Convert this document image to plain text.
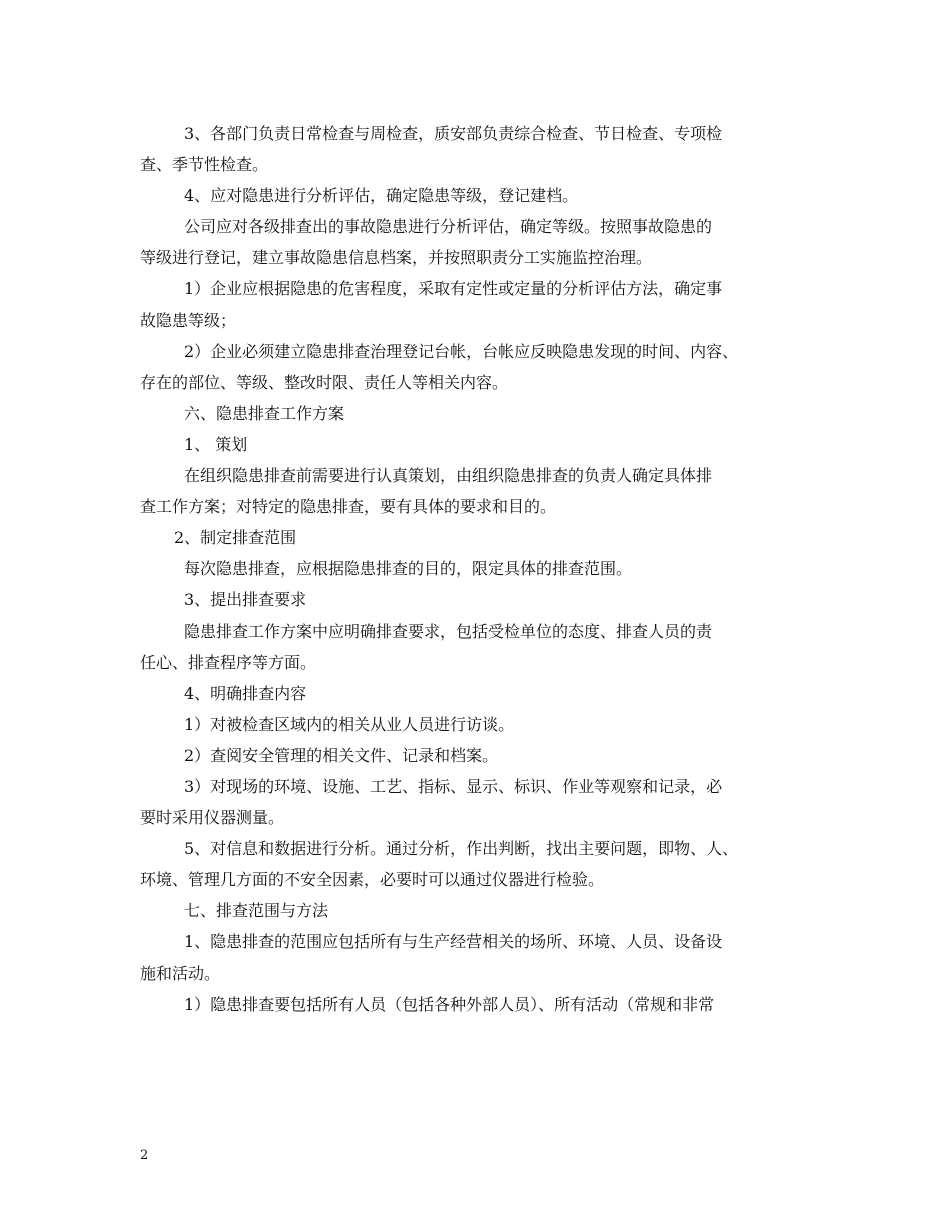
3、各部门负责日常检查与周检查，质安部负责综合检查、节日检查、专项检
查、季节性检查。
4、应对隐患进行分析评估，确定隐患等级，登记建档。
公司应对各级排查出的事故隐患进行分析评估，确定等级。按照事故隐患的
等级进行登记，建立事故隐患信息档案，并按照职责分工实施监控治理。
1）企业应根据隐患的危害程度，采取有定性或定量的分析评估方法，确定事
故隐患等级；
2）企业必须建立隐患排查治理登记台帐，台帐应反映隐患发现的时间、内容、
存在的部位、等级、整改时限、责任人等相关内容。
六、隐患排查工作方案
1、 策划
在组织隐患排查前需要进行认真策划，由组织隐患排查的负责人确定具体排
查工作方案；对特定的隐患排查，要有具体的要求和目的。
2、制定排查范围
每次隐患排查，应根据隐患排查的目的，限定具体的排查范围。
3、提出排查要求
隐患排查工作方案中应明确排查要求，包括受检单位的态度、排查人员的责
任心、排查程序等方面。
4、明确排查内容
1）对被检查区域内的相关从业人员进行访谈。
2）查阅安全管理的相关文件、记录和档案。
3）对现场的环境、设施、工艺、指标、显示、标识、作业等观察和记录，必
要时采用仪器测量。
5、对信息和数据进行分析。通过分析，作出判断，找出主要问题，即物、人、
环境、管理几方面的不安全因素，必要时可以通过仪器进行检验。
七、排查范围与方法
1、隐患排查的范围应包括所有与生产经营相关的场所、环境、人员、设备设
施和活动。
1）隐患排查要包括所有人员（包括各种外部人员）、所有活动（常规和非常
2
